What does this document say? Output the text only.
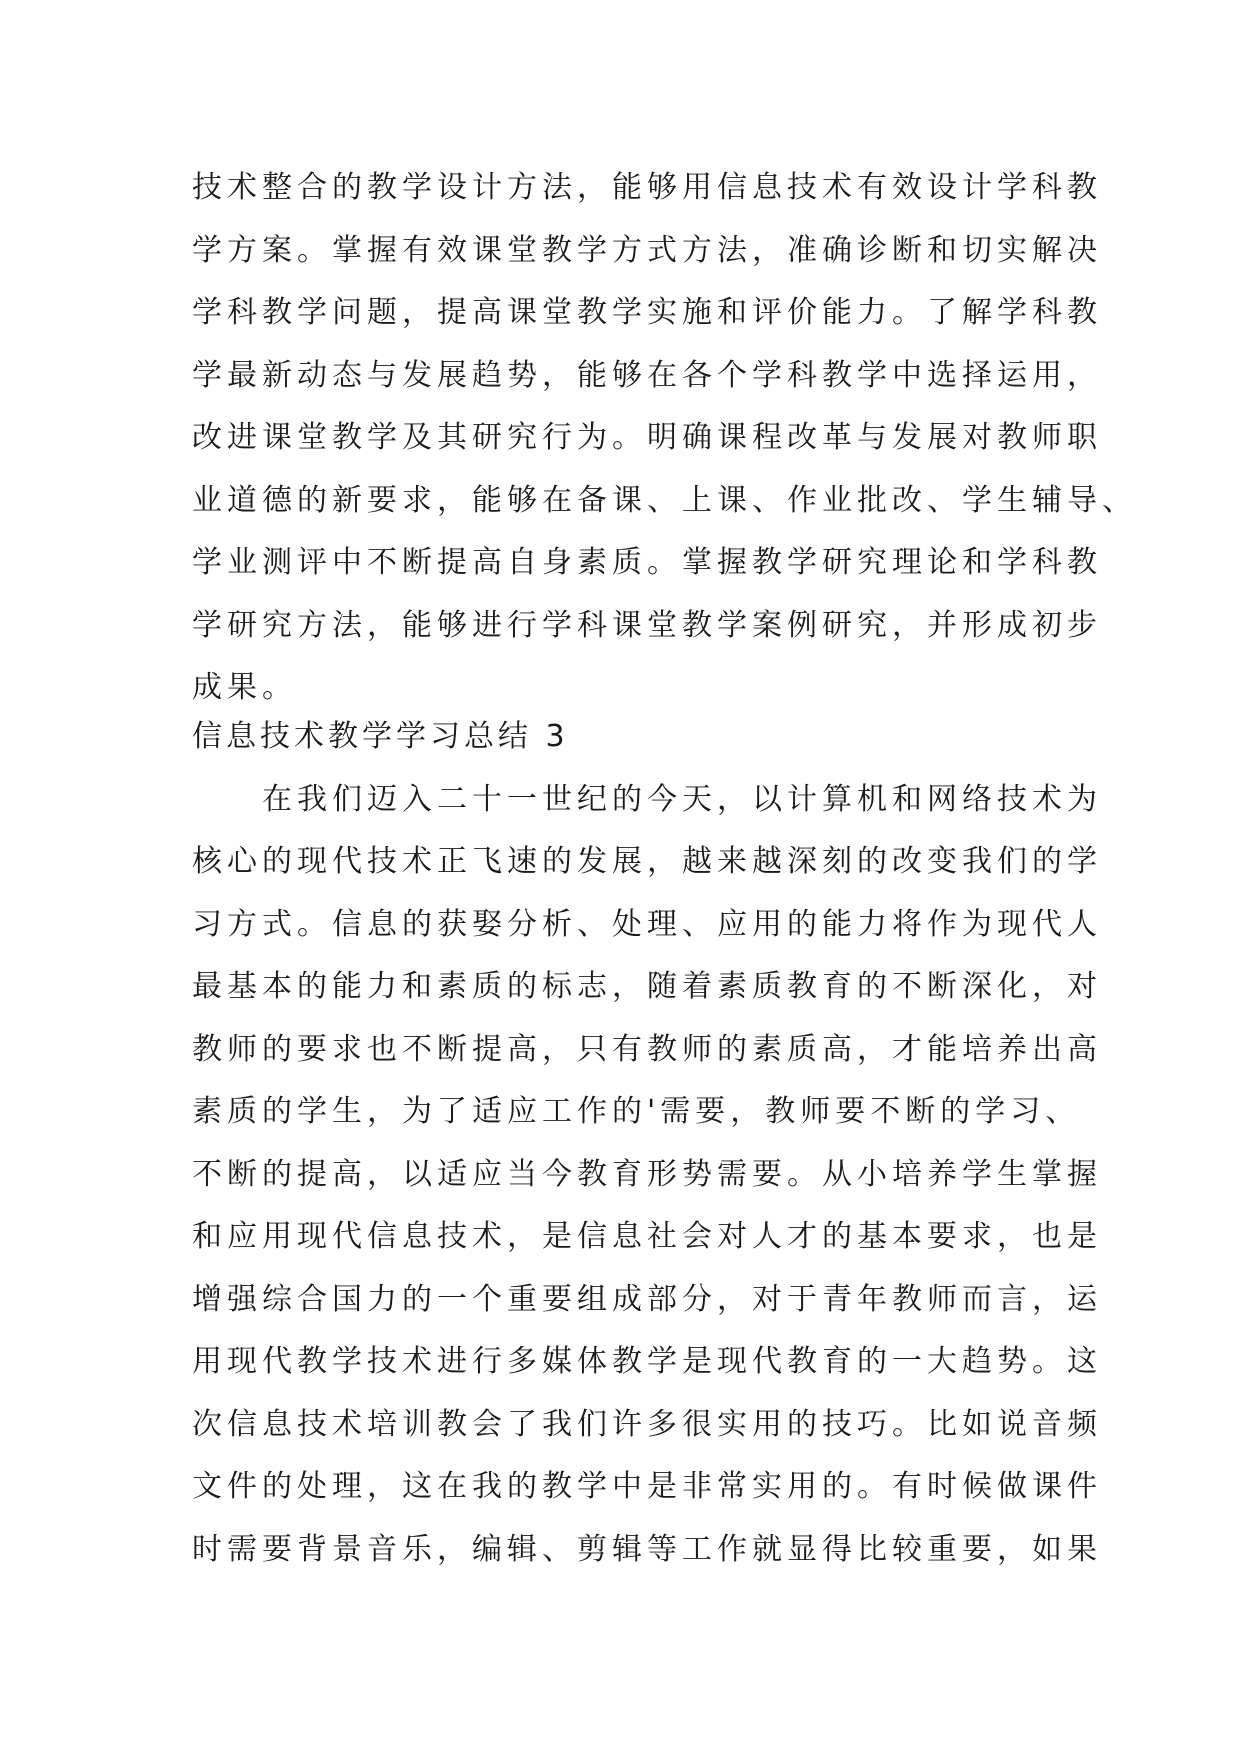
技术整合的教学设计方法，能够用信息技术有效设计学科教
学方案。掌握有效课堂教学方式方法，准确诊断和切实解决
学科教学问题，提高课堂教学实施和评价能力。了解学科教
学最新动态与发展趋势，能够在各个学科教学中选择运用，
改进课堂教学及其研究行为。明确课程改革与发展对教师职
业道德的新要求，能够在备课、上课、作业批改、学生辅导、
学业测评中不断提高自身素质。掌握教学研究理论和学科教
学研究方法，能够进行学科课堂教学案例研究，并形成初步
成果。
信息技术教学学习总结 3
　　在我们迈入二十一世纪的今天，以计算机和网络技术为
核心的现代技术正飞速的发展，越来越深刻的改变我们的学
习方式。信息的获娶分析、处理、应用的能力将作为现代人
最基本的能力和素质的标志，随着素质教育的不断深化，对
教师的要求也不断提高，只有教师的素质高，才能培养出高
素质的学生，为了适应工作的'需要，教师要不断的学习、
不断的提高，以适应当今教育形势需要。从小培养学生掌握
和应用现代信息技术，是信息社会对人才的基本要求，也是
增强综合国力的一个重要组成部分，对于青年教师而言，运
用现代教学技术进行多媒体教学是现代教育的一大趋势。这
次信息技术培训教会了我们许多很实用的技巧。比如说音频
文件的处理，这在我的教学中是非常实用的。有时候做课件
时需要背景音乐，编辑、剪辑等工作就显得比较重要，如果
